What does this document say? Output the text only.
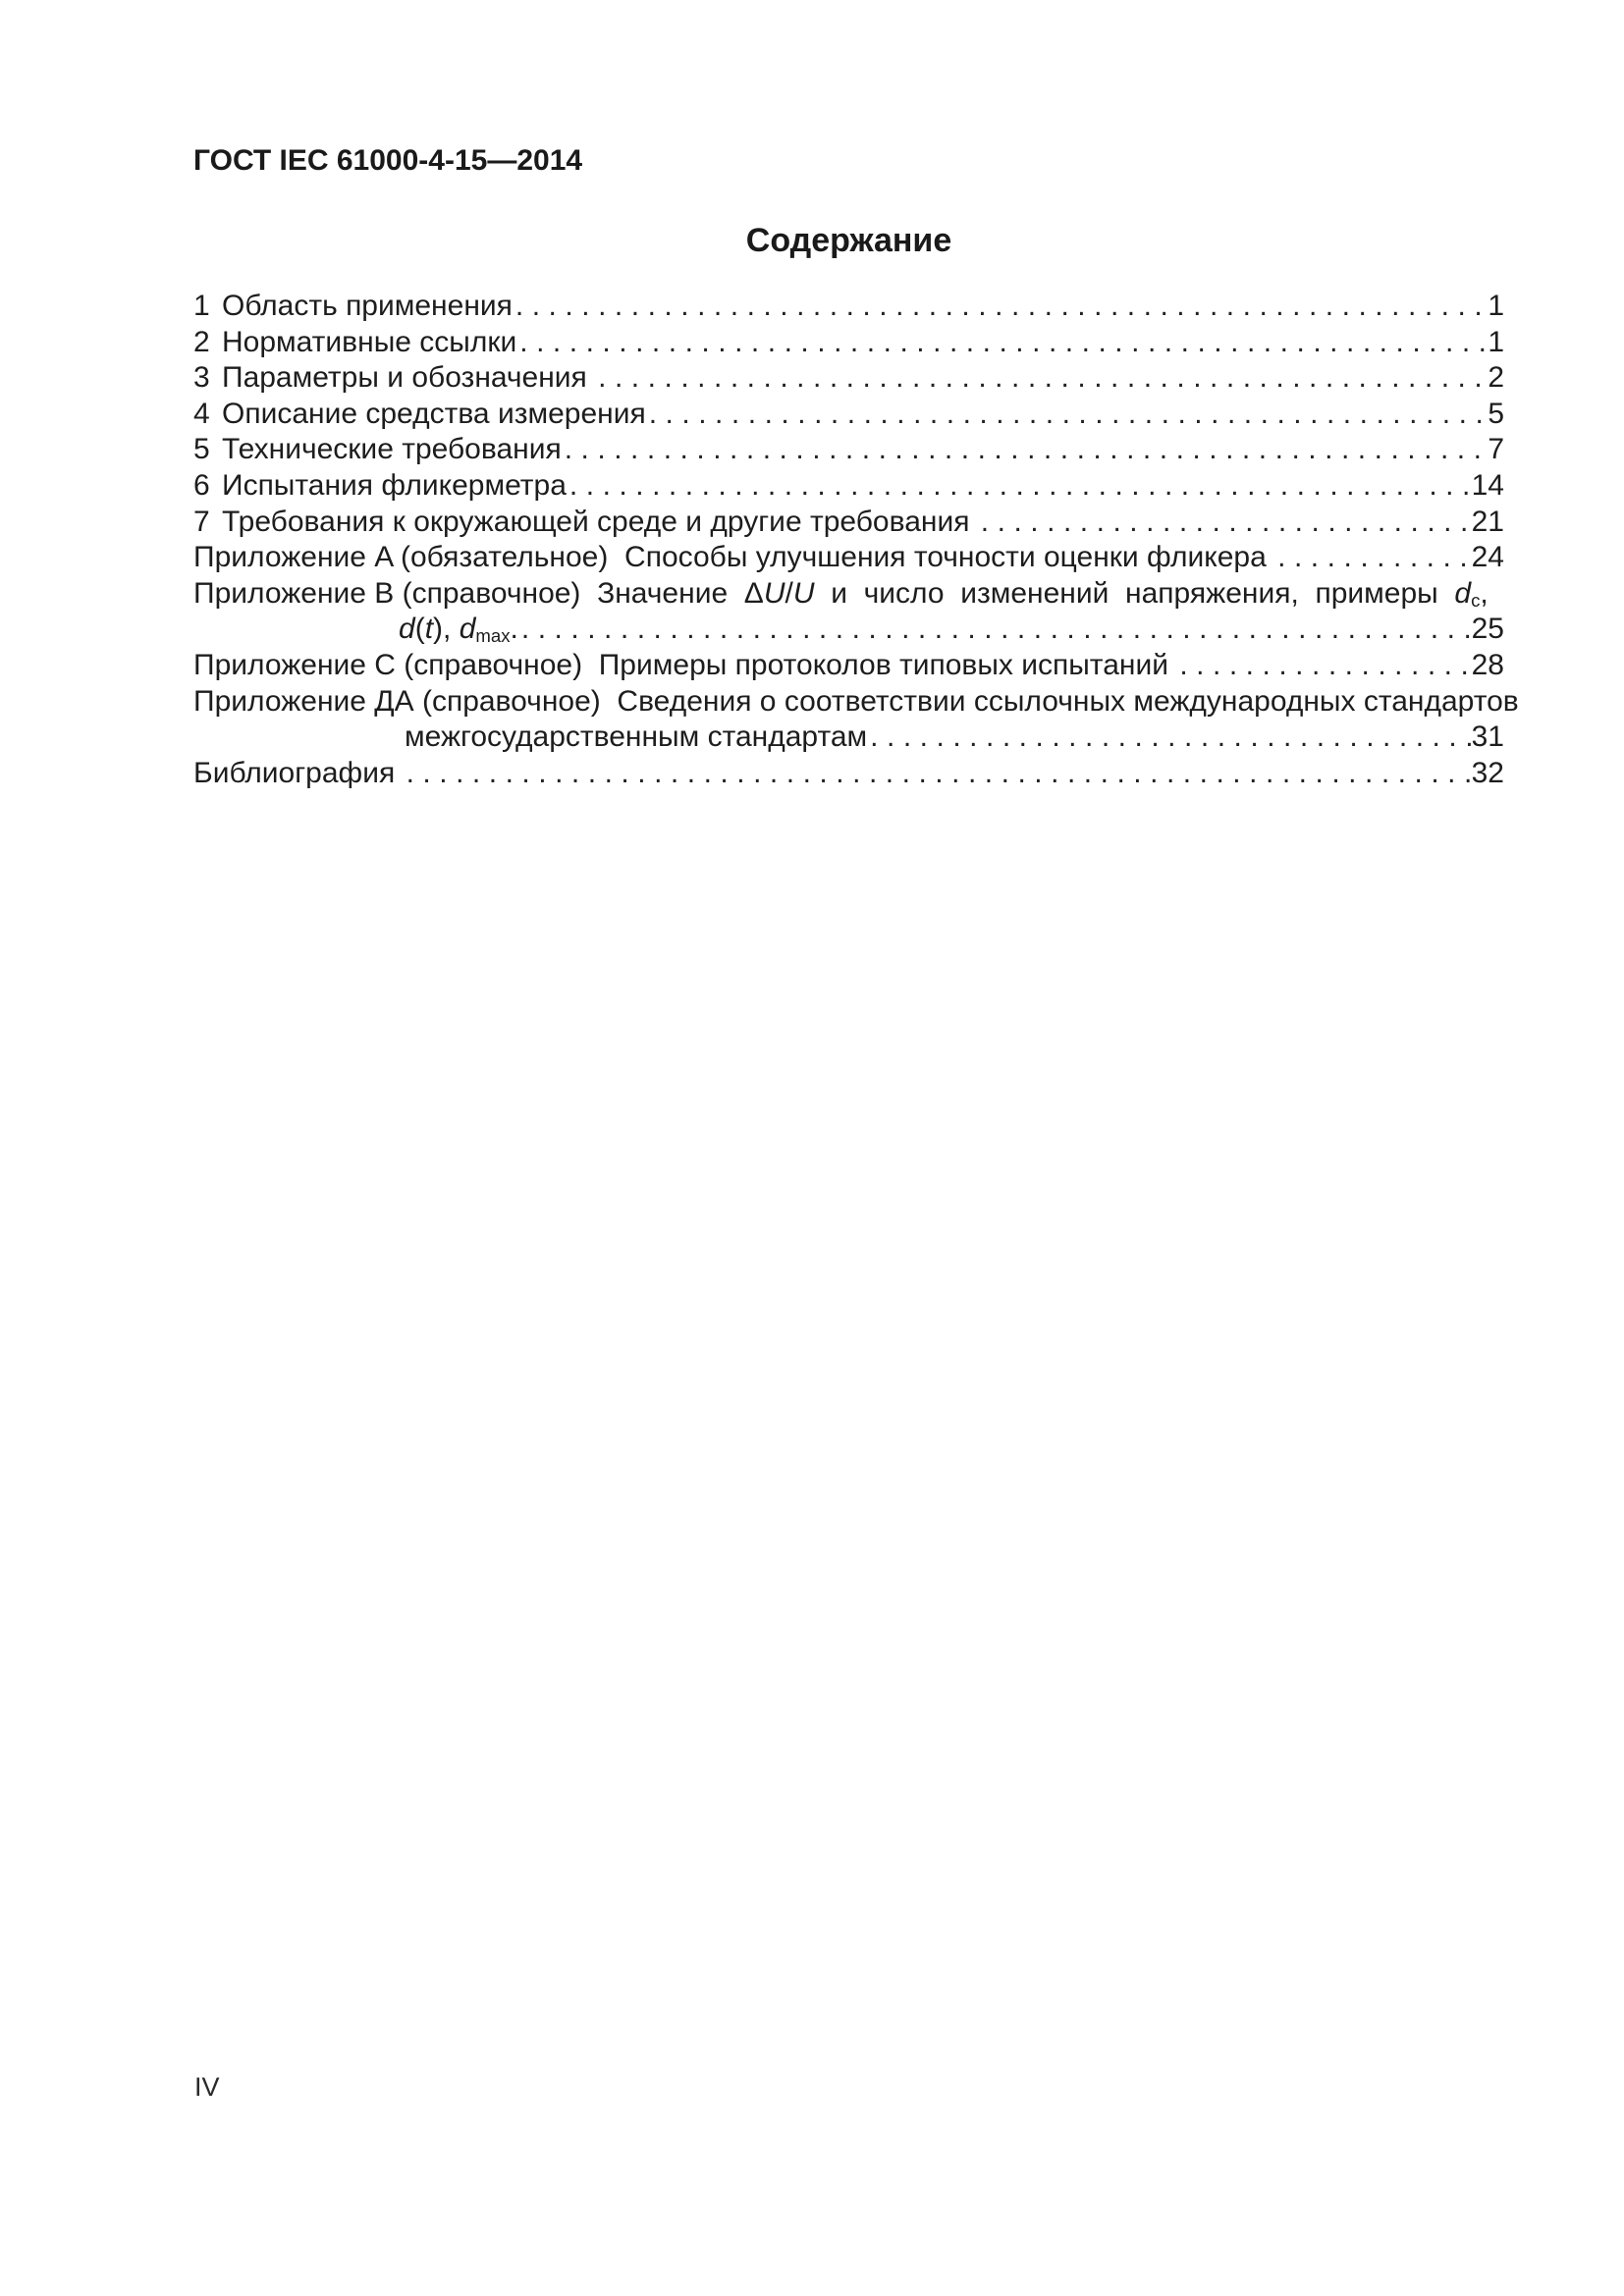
ГОСТ IEC 61000-4-15—2014
Содержание
1 Область применения .....	1
2 Нормативные ссылки .....	1
3 Параметры и обозначения .....	2
4 Описание средства измерения .....	5
5 Технические требования .....	7
6 Испытания фликерметра .....	14
7 Требования к окружающей среде и другие требования .....	21
Приложение A (обязательное)  Способы улучшения точности оценки фликера .....	24
Приложение B (справочное)  Значение  ΔU/U  и  число  изменений  напряжения,  примеры  $d_c$,
d(t), $d_{max}$. .....	25
Приложение C (справочное)  Примеры протоколов типовых испытаний .....	28
Приложение ДА (справочное)  Сведения о соответствии ссылочных международных стандартов
межгосударственным стандартам .....	31
Библиография .....	32
IV
